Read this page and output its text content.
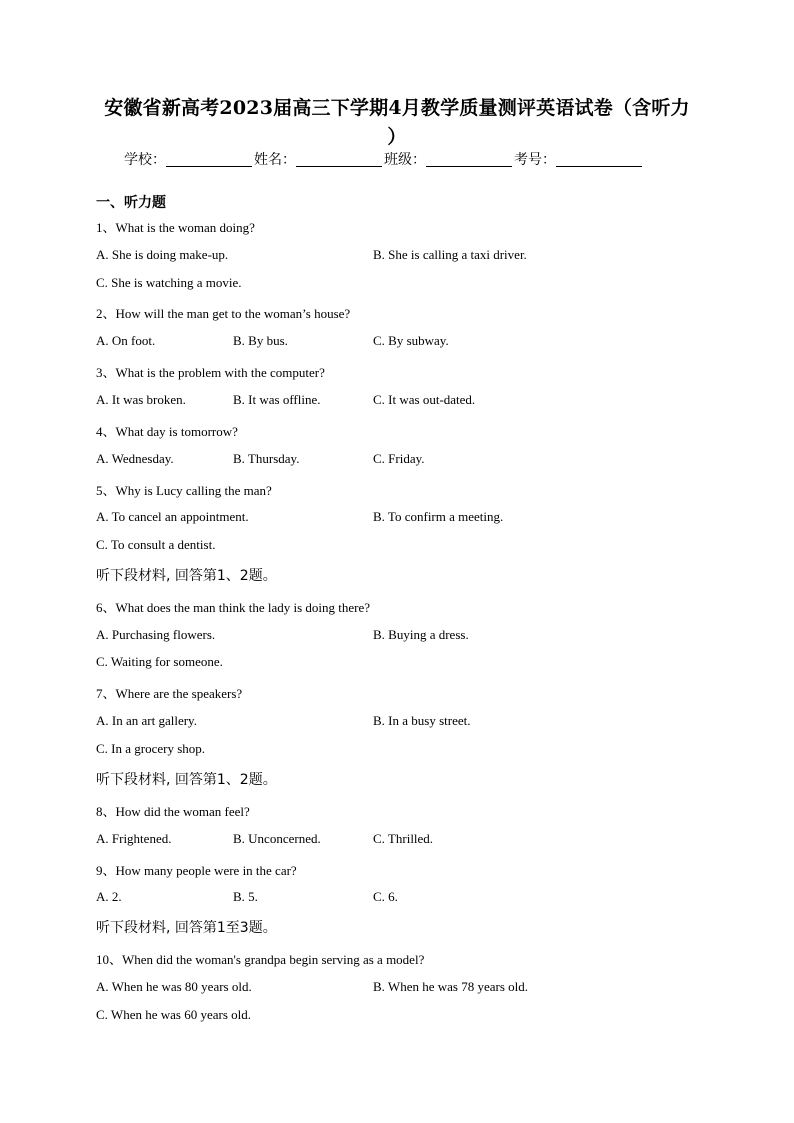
安徽省新高考2023届高三下学期4月教学质量测评英语试卷（含听力
）
学校：	姓名：	班级：	考号：
一、听力题
1、What is the woman doing?
A. She is doing make-up.	B. She is calling a taxi driver.
C. She is watching a movie.
2、How will the man get to the woman’s house?
A. On foot.	B. By bus.	C. By subway.
3、What is the problem with the computer?
A. It was broken.	B. It was offline.	C. It was out-dated.
4、What day is tomorrow?
A. Wednesday.	B. Thursday.	C. Friday.
5、Why is Lucy calling the man?
A. To cancel an appointment.	B. To confirm a meeting.
C. To consult a dentist.
听下段材料, 回答第1、2题。
6、What does the man think the lady is doing there?
A. Purchasing flowers.	B. Buying a dress.
C. Waiting for someone.
7、Where are the speakers?
A. In an art gallery.	B. In a busy street.
C. In a grocery shop.
听下段材料, 回答第1、2题。
8、How did the woman feel?
A. Frightened.	B. Unconcerned.	C. Thrilled.
9、How many people were in the car?
A. 2.	B. 5.	C. 6.
听下段材料, 回答第1至3题。
10、When did the woman's grandpa begin serving as a model?
A. When he was 80 years old.	B. When he was 78 years old.
C. When he was 60 years old.
